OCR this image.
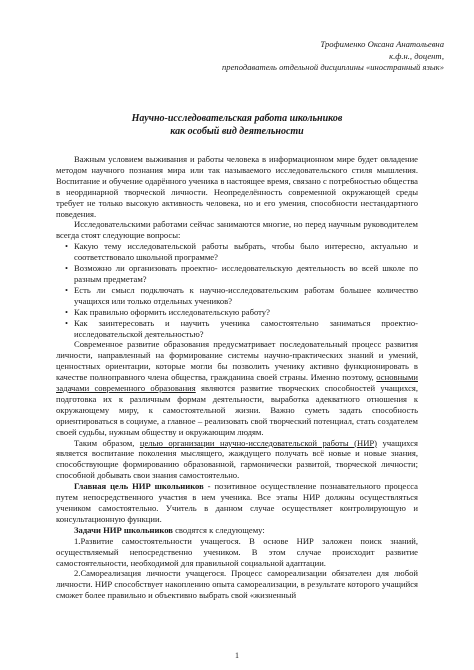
Трофименко Оксана Анатольевна
к.ф.н., доцент,
преподаватель отдельной дисциплины «иностранный язык»
Научно-исследовательская работа школьников
как особый вид деятельности

Важным условием выживания и работы человека в информационном мире будет овладение методом научного познания мира или так называемого исследовательского стиля мышления. Воспитание и обучение одарённого ученика в настоящее время, связано с потребностью общества в неординарной творческой личности. Неопределённость современной окружающей среды требует не только высокую активность человека, но и его умения, способности нестандартного поведения.

Исследовательскими работами сейчас занимаются многие, но перед научным руководителем всегда стоят следующие вопросы:

• Какую тему исследовательской работы выбрать, чтобы было интересно, актуально и соответствовало школьной программе?

• Возможно ли организовать проектно- исследовательскую деятельность во всей школе по разным предметам?

• Есть ли смысл подключать к научно-исследовательским работам большее количество учащихся или только отдельных учеников?

• Как правильно оформить исследовательскую работу?

• Как заинтересовать и научить ученика самостоятельно заниматься проектно-исследовательской деятельностью?

Современное развитие образования предусматривает последовательный процесс развития личности, направленный на формирование системы научно-практических знаний и умений, ценностных ориентации, которые могли бы позволить ученику активно функционировать в качестве полноправного члена общества, гражданина своей страны. Именно поэтому, основными задачами современного образования являются развитие творческих способностей учащихся, подготовка их к различным формам деятельности, выработка адекватного отношения к окружающему миру, к самостоятельной жизни. Важно суметь задать способность ориентироваться в социуме, а главное – реализовать свой творческий потенциал, стать создателем своей судьбы, нужным обществу и окружающим людям.

Таким образом, целью организации научно-исследовательской работы (НИР) учащихся является воспитание поколения мыслящего, жаждущего получать всё новые и новые знания, способствующие формированию образованной, гармонически развитой, творческой личности; способной добывать свои знания самостоятельно.

Главная цель НИР школьников - позитивное осуществление познавательного процесса путем непосредственного участия в нем ученика. Все этапы НИР должны осуществляться учеником самостоятельно. Учитель в данном случае осуществляет контролирующую и консультационную функции.

Задачи НИР школьников сводятся к следующему:

1.Развитие самостоятельности учащегося. В основе НИР заложен поиск знаний, осуществляемый непосредственно учеником. В этом случае происходит развитие самостоятельности, необходимой для правильной социальной адаптации.

2.Самореализация личности учащегося. Процесс самореализации обязателен для любой личности. НИР способствует накоплению опыта самореализации, в результате которого учащийся сможет более правильно и объективно выбрать свой «жизненный

1
